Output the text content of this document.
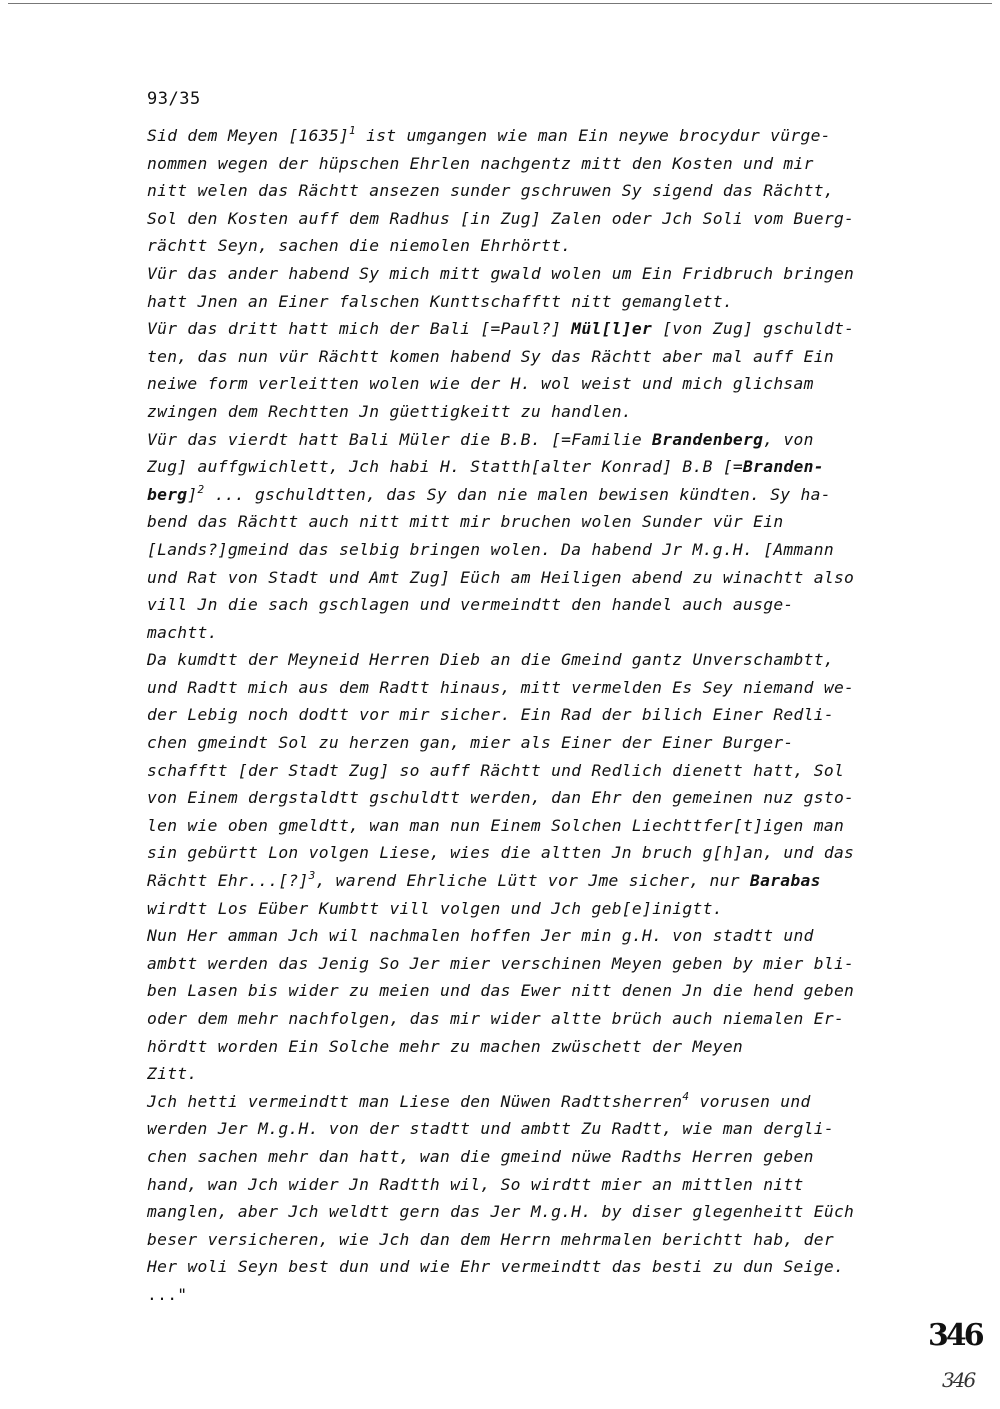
93/35
Sid dem Meyen $[1635]^1$ ist umgangen wie man Ein neywe brocydur vürge-
nommen wegen der hüpschen Ehrlen nachgentz mitt den Kosten und mir
nitt welen das Rächtt ansezen sunder gschruwen Sy sigend das Rächtt,
Sol den Kosten auff dem Radhus [in Zug] Zalen oder Jch Soli vom Buerg-
rächtt Seyn, sachen die niemolen Ehrhörtt.
Vür das ander habend Sy mich mitt gwald wolen um Ein Fridbruch bringen
hatt Jnen an Einer falschen Kunttschafftt nitt gemanglett.
Vür das dritt hatt mich der Bali [=Paul?] Mül[l]er [von Zug] gschuldt-
ten, das nun vür Rächtt komen habend Sy das Rächtt aber mal auff Ein
neiwe form verleitten wolen wie der H. wol weist und mich glichsam
zwingen dem Rechtten Jn güettigkeitt zu handlen.
Vür das vierdt hatt Bali Müler die B.B. [=Familie Brandenberg, von
Zug] auffgwichlett, Jch habi H. Statth[alter Konrad] B.B [=Branden-
berg]$^2$ ... gschuldtten, das Sy dan nie malen bewisen kündten. Sy ha-
bend das Rächtt auch nitt mitt mir bruchen wolen Sunder vür Ein
[Lands?]gmeind das selbig bringen wolen. Da habend Jr M.g.H. [Ammann
und Rat von Stadt und Amt Zug] Eüch am Heiligen abend zu winachtt also
vill Jn die sach gschlagen und vermeindtt den handel auch ausge-
machtt.
Da kumdtt der Meyneid Herren Dieb an die Gmeind gantz Unverschambtt,
und Radtt mich aus dem Radtt hinaus, mitt vermelden Es Sey niemand we-
der Lebig noch dodtt vor mir sicher. Ein Rad der bilich Einer Redli-
chen gmeindt Sol zu herzen gan, mier als Einer der Einer Burger-
schafftt [der Stadt Zug] so auff Rächtt und Redlich dienett hatt, Sol
von Einem dergstaldtt gschuldtt werden, dan Ehr den gemeinen nuz gsto-
len wie oben gmeldtt, wan man nun Einem Solchen Liechttfer[t]igen man
sin gebürtt Lon volgen Liese, wies die altten Jn bruch g[h]an, und das
Rächtt Ehr...[?]$^3$, warend Ehrliche Lütt vor Jme sicher, nur Barabas
wirdtt Los Eüber Kumbtt vill volgen und Jch geb[e]inigtt.
Nun Her amman Jch wil nachmalen hoffen Jer min g.H. von stadtt und
ambtt werden das Jenig So Jer mier verschinen Meyen geben by mier bli-
ben Lasen bis wider zu meien und das Ewer nitt denen Jn die hend geben
oder dem mehr nachfolgen, das mir wider altte brüch auch niemalen Er-
hördtt worden Ein Solche mehr zu machen zwüschett der Meyen
Zitt.
Jch hetti vermeindtt man Liese den Nüwen Radttsherren$^4$ vorusen und
werden Jer M.g.H. von der stadtt und ambtt Zu Radtt, wie man dergli-
chen sachen mehr dan hatt, wan die gmeind nüwe Radths Herren geben
hand, wan Jch wider Jn Radtth wil, So wirdtt mier an mittlen nitt
manglen, aber Jch weldtt gern das Jer M.g.H. by diser glegenheitt Eüch
beser versicheren, wie Jch dan dem Herrn mehrmalen berichtt hab, der
Her woli Seyn best dun und wie Ehr vermeindtt das besti zu dun Seige.
..."
346
346
